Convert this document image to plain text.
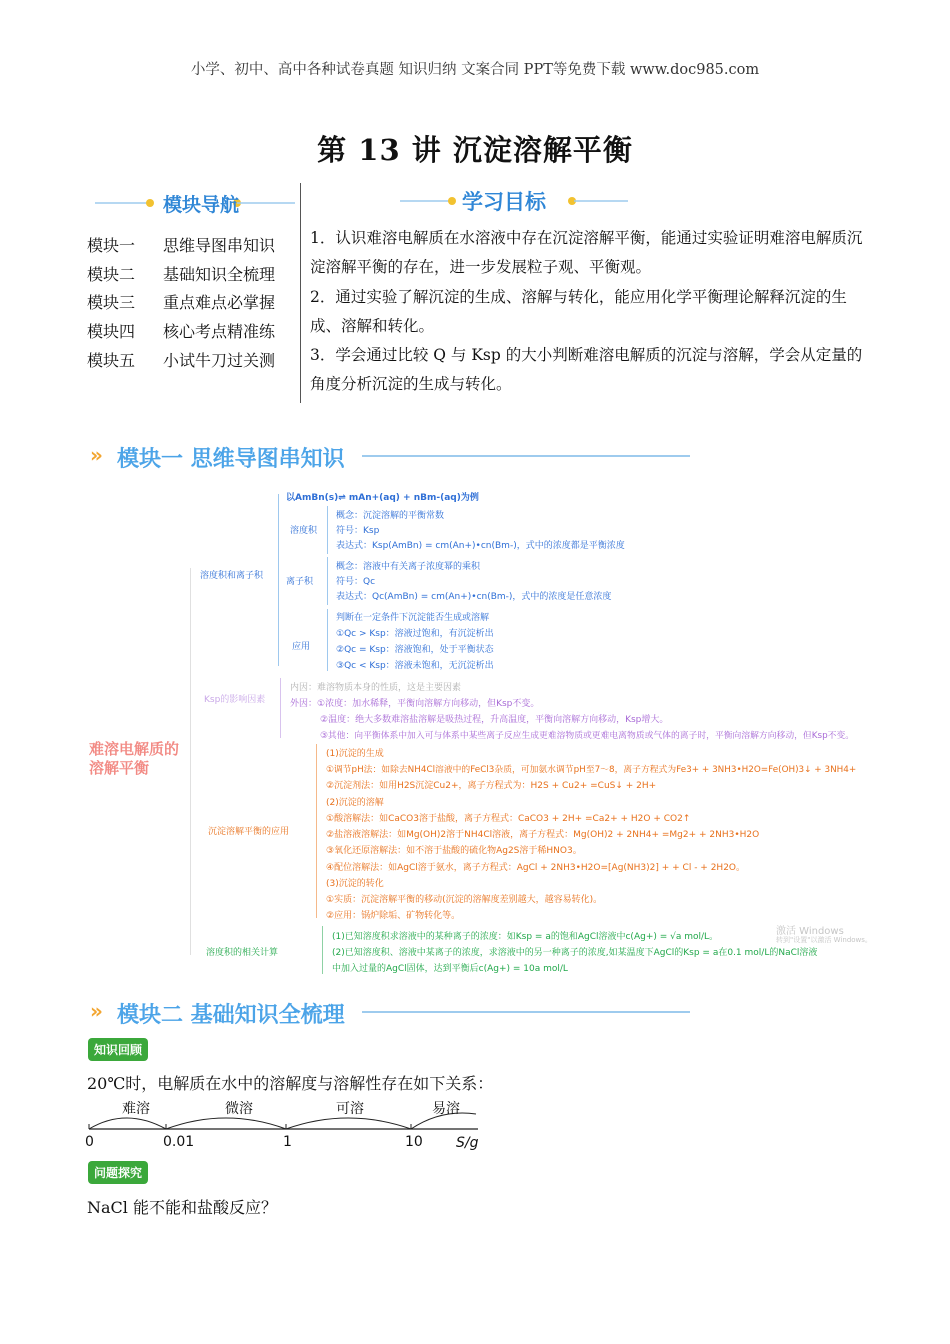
小学、初中、高中各种试卷真题 知识归纳 文案合同 PPT等免费下载 www.doc985.com
第 13 讲 沉淀溶解平衡
模块导航	学习目标
模块一 思维导图串知识
模块二 基础知识全梳理
模块三 重点难点必掌握
模块四 核心考点精准练
模块五 小试牛刀过关测
1．认识难溶电解质在水溶液中存在沉淀溶解平衡，能通过实验证明难溶电解质沉淀溶解平衡的存在，进一步发展粒子观、平衡观。
2．通过实验了解沉淀的生成、溶解与转化，能应用化学平衡理论解释沉淀的生成、溶解和转化。
3．学会通过比较 Q 与 Ksp 的大小判断难溶电解质的沉淀与溶解，学会从定量的角度分析沉淀的生成与转化。
» 模块一 思维导图串知识
难溶电解质的溶解平衡
溶度积和离子积
以AmBn(s)⇌ mAn+(aq) + nBm-(aq)为例
溶度积
概念：沉淀溶解的平衡常数
符号：Ksp
表达式：Ksp(AmBn) = cm(An+)•cn(Bm-)，式中的浓度都是平衡浓度
离子积
概念：溶液中有关离子浓度幂的乘积
符号：Qc
表达式：Qc(AmBn) = cm(An+)•cn(Bm-)，式中的浓度是任意浓度
应用
判断在一定条件下沉淀能否生成或溶解
①Qc > Ksp：溶液过饱和，有沉淀析出
②Qc = Ksp：溶液饱和，处于平衡状态
③Qc < Ksp：溶液未饱和，无沉淀析出
Ksp的影响因素
内因：难溶物质本身的性质，这是主要因素
外因：①浓度：加水稀释，平衡向溶解方向移动，但Ksp不变。
②温度：绝大多数难溶盐溶解是吸热过程，升高温度，平衡向溶解方向移动，Ksp增大。
③其他：向平衡体系中加入可与体系中某些离子反应生成更难溶物质或更难电离物质或气体的离子时，平衡向溶解方向移动，但Ksp不变。
沉淀溶解平衡的应用
(1)沉淀的生成
①调节pH法：如除去NH4Cl溶液中的FeCl3杂质，可加氨水调节pH至7～8，离子方程式为Fe3+ + 3NH3•H2O=Fe(OH)3↓ + 3NH4+
②沉淀剂法：如用H2S沉淀Cu2+，离子方程式为：H2S + Cu2+ =CuS↓ + 2H+
(2)沉淀的溶解
①酸溶解法：如CaCO3溶于盐酸，离子方程式：CaCO3 + 2H+ =Ca2+ + H2O + CO2↑
②盐溶液溶解法：如Mg(OH)2溶于NH4Cl溶液，离子方程式：Mg(OH)2 + 2NH4+ =Mg2+ + 2NH3•H2O
③氧化还原溶解法：如不溶于盐酸的硫化物Ag2S溶于稀HNO3。
④配位溶解法：如AgCl溶于氨水，离子方程式：AgCl + 2NH3•H2O=[Ag(NH3)2] + + Cl - + 2H2O。
(3)沉淀的转化
①实质：沉淀溶解平衡的移动(沉淀的溶解度差别越大，越容易转化)。
②应用：锅炉除垢、矿物转化等。
溶度积的相关计算
(1)已知溶度积求溶液中的某种离子的浓度：如Ksp = a的饱和AgCl溶液中c(Ag+) = √a mol/L。
(2)已知溶度积、溶液中某离子的浓度，求溶液中的另一种离子的浓度,如某温度下AgCl的Ksp = a在0.1 mol/L的NaCl溶液
中加入过量的AgCl固体，达到平衡后c(Ag+) = 10a mol/L
激活 Windows
转到"设置"以激活 Windows。
» 模块二 基础知识全梳理
知识回顾
20℃时，电解质在水中的溶解度与溶解性存在如下关系：
难溶	微溶	可溶	易溶
0	0.01	1	10 S/g
问题探究
NaCl 能不能和盐酸反应？
